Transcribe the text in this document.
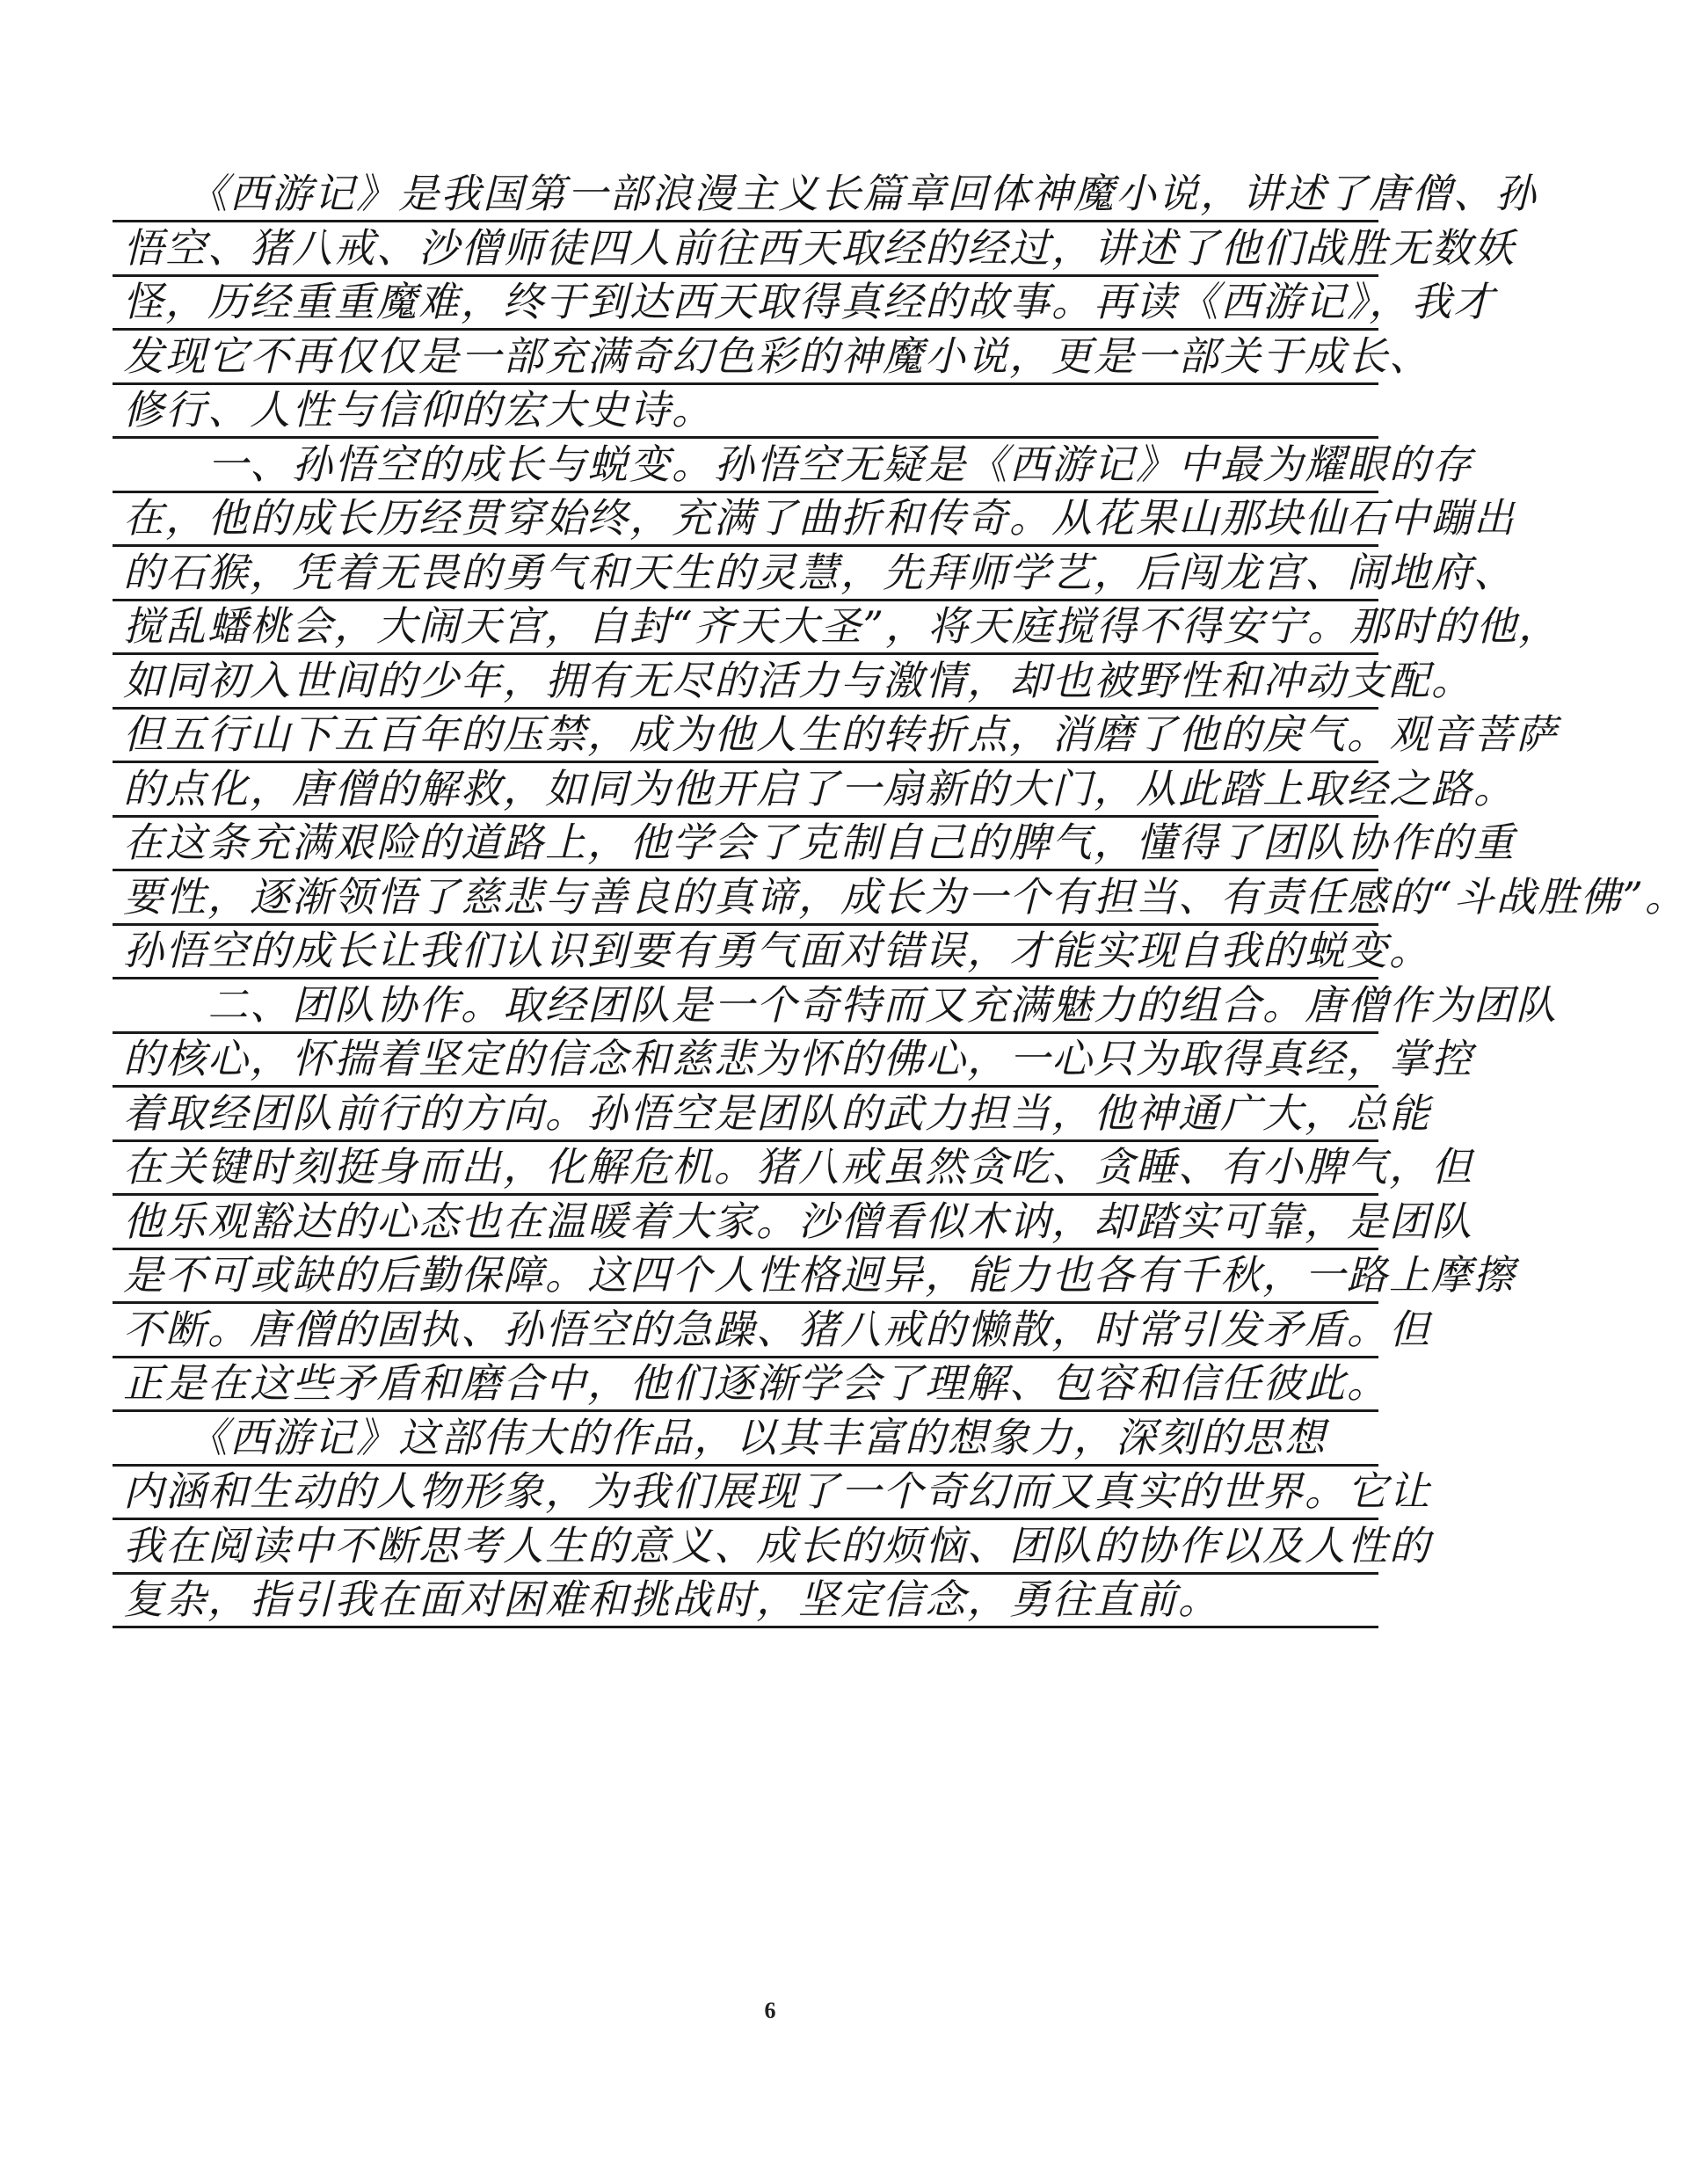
　　《西游记》是我国第一部浪漫主义长篇章回体神魔小说，讲述了唐僧、孙
悟空、猪八戒、沙僧师徒四人前往西天取经的经过，讲述了他们战胜无数妖
怪，历经重重魔难，终于到达西天取得真经的故事。再读《西游记》，我才
发现它不再仅仅是一部充满奇幻色彩的神魔小说，更是一部关于成长、
修行、人性与信仰的宏大史诗。
　　一、孙悟空的成长与蜕变。孙悟空无疑是《西游记》中最为耀眼的存
在，他的成长历经贯穿始终，充满了曲折和传奇。从花果山那块仙石中蹦出
的石猴，凭着无畏的勇气和天生的灵慧，先拜师学艺，后闯龙宫、闹地府、
搅乱蟠桃会，大闹天宫，自封“齐天大圣”，将天庭搅得不得安宁。那时的他，
如同初入世间的少年，拥有无尽的活力与激情，却也被野性和冲动支配。
但五行山下五百年的压禁，成为他人生的转折点，消磨了他的戾气。观音菩萨
的点化，唐僧的解救，如同为他开启了一扇新的大门，从此踏上取经之路。
在这条充满艰险的道路上，他学会了克制自己的脾气，懂得了团队协作的重
要性，逐渐领悟了慈悲与善良的真谛，成长为一个有担当、有责任感的“斗战胜佛”。
孙悟空的成长让我们认识到要有勇气面对错误，才能实现自我的蜕变。
　　二、团队协作。取经团队是一个奇特而又充满魅力的组合。唐僧作为团队
的核心，怀揣着坚定的信念和慈悲为怀的佛心，一心只为取得真经，掌控
着取经团队前行的方向。孙悟空是团队的武力担当，他神通广大，总能
在关键时刻挺身而出，化解危机。猪八戒虽然贪吃、贪睡、有小脾气，但
他乐观豁达的心态也在温暖着大家。沙僧看似木讷，却踏实可靠，是团队
是不可或缺的后勤保障。这四个人性格迥异，能力也各有千秋，一路上摩擦
不断。唐僧的固执、孙悟空的急躁、猪八戒的懒散，时常引发矛盾。但
正是在这些矛盾和磨合中，他们逐渐学会了理解、包容和信任彼此。
　　《西游记》这部伟大的作品，以其丰富的想象力，深刻的思想
内涵和生动的人物形象，为我们展现了一个奇幻而又真实的世界。它让
我在阅读中不断思考人生的意义、成长的烦恼、团队的协作以及人性的
复杂，指引我在面对困难和挑战时，坚定信念，勇往直前。
6
